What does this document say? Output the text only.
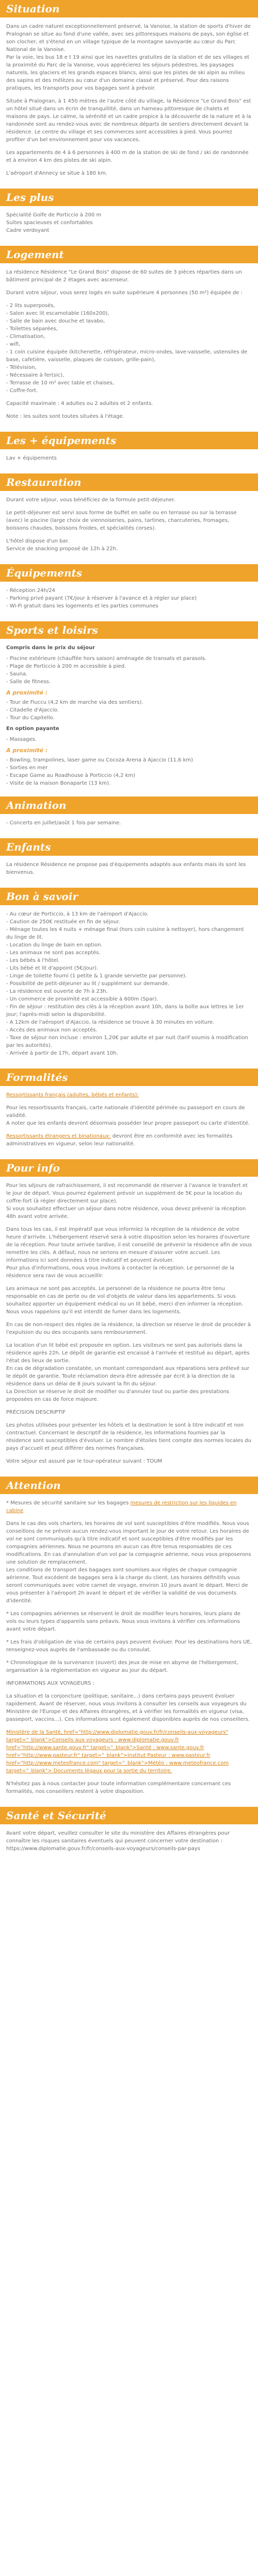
Situation

Dans un cadre naturel exceptionnellement préservé, la Vanoise, la station de sports d'hiver de Pralognan se situe au fond d'une vallée, avec ses pittoresques maisons de pays, son église et son clocher, et s'étend en un village typique de la montagne savoyarde au cœur du Parc National de la Vanoise.
Par la voie, les bus 18 e t 19 ainsi que les navettes gratuites de la station et de ses villages et la proximité du Parc de la Vanoise, vous apprécierez les séjours pédestres, les paysages naturels, les glaciers et les grands espaces blancs, ainsi que les pistes de ski alpin au milieu des sapins et des mélèzes au cœur d'un domaine classé et préservé. Pour des raisons pratiques, les transports pour vos bagages sont à prévoir.

Située à Pralognan, à 1 450 mètres de l'autre côté du village, la Résidence "Le Grand Bois" est un hôtel situé dans un écrin de tranquillité, dans un hameau pittoresque de chalets et maisons de pays. Le calme, la sérénité et un cadre propice à la découverte de la nature et à la randonnée sont au rendez-vous avec de nombreux départs de sentiers directement devant la résidence. Le centre du village et ses commerces sont accessibles à pied. Vous pourrez profiter d'un bel environnement pour vos vacances.

Les appartements de 4 à 6 personnes à 400 m de la station de ski de fond / ski de randonnée et à environ 4 km des pistes de ski alpin.

L'aéroport d'Annecy se situe à 180 km.

Les plus

Spécialité Golfe de Porticcio à 200 m
Suites spacieuses et confortables
Cadre verdoyant

Logement

La résidence Résidence "Le Grand Bois" dispose de 60 suites de 3 pièces réparties dans un bâtiment principal de 2 étages avec ascenseur.

Durant votre séjour, vous serez logés en suite supérieure 4 personnes (50 m²) équipée de :

- 2 lits superposés,
- Salon avec lit escamotable (160x200),
- Salle de bain avec douche et lavabo,
- Toilettes séparées,
- Climatisation,
- wifi,
- 1 coin cuisine équipée (kitchenette, réfrigérateur, micro-ondes, lave-vaisselle, ustensiles de base, cafetière, vaisselle, plaques de cuisson, grille-pain),
- Télévision,
- Nécessaire à fer(sic),
- Terrasse de 10 m² avec table et chaises,
- Coffre-fort.

Capacité maximale : 4 adultes ou 2 adultes et 2 enfants.

Note : les suites sont toutes situées à l'étage.

Les + équipements

Lav + équipements

Restauration

Durant votre séjour, vous bénéficiez de la formule petit-déjeuner.

Le petit-déjeuner est servi sous forme de buffet en salle ou en terrasse ou sur la terrasse (avec) le piscine (large choix de viennoiseries, pains, tartines, charcuteries, fromages, boissons chaudes, boissons froides, et spécialités corses).

L'hôtel dispose d'un bar.
Service de snacking proposé de 12h à 22h.

Équipements

- Réception 24h/24
- Parking privé payant (7€/jour à réserver à l'avance et à régler sur place)
- Wi-Fi gratuit dans les logements et les parties communes

Sports et loisirs

Compris dans le prix du séjour

- Piscine extérieure (chauffée hors saison) aménagée de transats et parasols.
- Plage de Porticcio à 200 m accessible à pied.
- Sauna.
- Salle de fitness.

A proximité :

- Tour de Fiuccu (4,2 km de marche via des sentiers).
- Citadelle d'Ajaccio.
- Tour du Capitello.

En option payante

- Massages.

A proximité :

- Bowling, trampolines, laser game ou Cocoza Arena à Ajaccio (11,6 km)
- Sorties en mer
- Escape Game au Roadhouse à Porticcio (4,2 km)
- Visite de la maison Bonaparte (13 km).

Animation

- Concerts en juillet/août 1 fois par semaine.

Enfants

La résidence Résidence ne propose pas d'équipements adaptés aux enfants mais ils sont les bienvenus.

Bon à savoir

- Au cœur de Porticcio, à 13 km de l'aéroport d'Ajaccio.
- Caution de 250€ restituée en fin de séjour.
- Ménage toutes les 4 nuits + ménage final (hors coin cuisine à nettoyer), hors changement du linge de lit.
- Location du linge de bain en option.
- Les animaux ne sont pas acceptés.
- Les bébés à l'hôtel.
- Lits bébé et lit d'appoint (5€/jour).
- Linge de toilette fourni (1 petite & 1 grande serviette par personne).
- Possibilité de petit-déjeuner au lit / supplément sur demande.
- La résidence est ouverte de 7h à 23h.
- Un commerce de proximité est accessible à 600m (Spar).
- Fin de séjour : restitution des clés à la réception avant 10h, dans la boîte aux lettres le 1er jour; l'après-midi selon la disponibilité.
- A 12km de l'aéroport d'Ajaccio, la résidence se trouve à 30 minutes en voiture.
- Accès des animaux non acceptés.
- Taxe de séjour non incluse : environ 1,20€ par adulte et par nuit (tarif soumis à modification par les autorités).
- Arrivée à partir de 17h, départ avant 10h.

Formalités

Ressortissants français (adultes, bébés et enfants):

Pour les ressortissants français, carte nationale d'identité périmée ou passeport en cours de validité.
A noter que les enfants devront désormais posséder leur propre passeport ou carte d'identité.

Ressortissants étrangers et binationaux: devront être en conformité avec les formalités administratives en vigueur, selon leur nationalité.

Pour info

Pour les séjours de rafraichissement, il est recommandé de réserver à l'avance le transfert et le jour de départ. Vous pourrez également prévoir un supplément de 5€ pour la location du coffre-fort (à régler directement sur place).
Si vous souhaitez effectuer un séjour dans notre résidence, vous devez prévenir la réception 48h avant votre arrivée.

Dans tous les cas, il est impératif que vous informiez la réception de la résidence de votre heure d'arrivée. L'hébergement réservé sera à votre disposition selon les horaires d'ouverture de la réception. Pour toute arrivée tardive, il est conseillé de prévenir la résidence afin de vous remettre les clés. A défaut, nous ne serions en mesure d'assurer votre accueil. Les informations ici sont données à titre indicatif et peuvent évoluer.
Pour plus d'informations, nous vous invitons à contacter la réception. Le personnel de la résidence sera ravi de vous accueillir.

Les animaux ne sont pas acceptés. Le personnel de la résidence ne pourra être tenu responsable en cas de perte ou de vol d'objets de valeur dans les appartements. Si vous souhaitez apporter un équipement médical ou un lit bébé, merci d'en informer la réception.
Nous vous rappelons qu'il est interdit de fumer dans les logements.

En cas de non-respect des règles de la résidence, la direction se réserve le droit de procéder à l'expulsion du ou des occupants sans remboursement.

La location d'un lit bébé est proposée en option. Les visiteurs ne sont pas autorisés dans la résidence après 22h. Le dépôt de garantie est encaissé à l'arrivée et restitué au départ, après l'état des lieux de sortie.
En cas de dégradation constatée, un montant correspondant aux réparations sera prélevé sur le dépôt de garantie. Toute réclamation devra être adressée par écrit à la direction de la résidence dans un délai de 8 jours suivant la fin du séjour.
La Direction se réserve le droit de modifier ou d'annuler tout ou partie des prestations proposées en cas de force majeure.

PRÉCISION DESCRIPTIF

Les photos utilisées pour présenter les hôtels et la destination le sont à titre indicatif et non contractuel. Concernant le descriptif de la résidence, les informations fournies par la résidence sont susceptibles d'évoluer. Le nombre d'étoiles tient compte des normes locales du pays d'accueil et peut différer des normes françaises.

Votre séjour est assuré par le tour-opérateur suivant : TOUM

Attention

* Mesures de sécurité sanitaire sur les bagages mesures de restriction sur les liquides en cabine

Dans le cas des vols charters, les horaires de vol sont susceptibles d'être modifiés. Nous vous conseillons de ne prévoir aucun rendez-vous important le jour de votre retour. Les horaires de vol ne sont communiqués qu'à titre indicatif et sont susceptibles d'être modifiés par les compagnies aériennes. Nous ne pourrons en aucun cas être tenus responsables de ces modifications. En cas d'annulation d'un vol par la compagnie aérienne, nous vous proposerons une solution de remplacement.
Les conditions de transport des bagages sont soumises aux règles de chaque compagnie aérienne. Tout excédent de bagages sera à la charge du client. Les horaires définitifs vous seront communiqués avec votre carnet de voyage, environ 10 jours avant le départ. Merci de vous présenter à l'aéroport 2h avant le départ et de vérifier la validité de vos documents d'identité.

* Les compagnies aériennes se réservent le droit de modifier leurs horaires, leurs plans de vols ou leurs types d'appareils sans préavis. Nous vous invitons à vérifier ces informations avant votre départ.

* Les frais d'obligation de visa de certains pays peuvent évoluer. Pour les destinations hors UE, renseignez-vous auprès de l'ambassade ou du consulat.

* Chronologique de la survenance (ouvert) des jeux de mise en abyme de l'hébergement, organisation à la réglementation en vigueur au jour du départ.

INFORMATIONS AUX VOYAGEURS :

La situation et la conjoncture (politique, sanitaire...) dans certains pays peuvent évoluer rapidement. Avant de réserver, nous vous invitons à consulter les conseils aux voyageurs du Ministère de l'Europe et des Affaires étrangères, et à vérifier les formalités en vigueur (visa, passeport, vaccins...). Ces informations sont également disponibles auprès de nos conseillers.

Ministère de la Santé, href="http://www.diplomatie.gouv.fr/fr/conseils-aux-voyageurs"
target="_blank">Conseils aux voyageurs : www.diplomatie.gouv.fr
href="http://www.sante.gouv.fr" target="_blank">Santé : www.sante.gouv.fr
href="http://www.pasteur.fr" target="_blank">Institut Pasteur : www.pasteur.fr
href="http://www.meteofrance.com" target="_blank">Météo : www.meteofrance.com
target="_blank"> Documents légaux pour la sortie du territoire.

N'hésitez pas à nous contacter pour toute information complémentaire concernant ces formalités, nos conseillers restent à votre disposition.

Santé et Sécurité

Avant votre départ, veuillez consulter le site du ministère des Affaires étrangères pour connaître les risques sanitaires éventuels qui peuvent concerner votre destination : https://www.diplomatie.gouv.fr/fr/conseils-aux-voyageurs/conseils-par-pays
